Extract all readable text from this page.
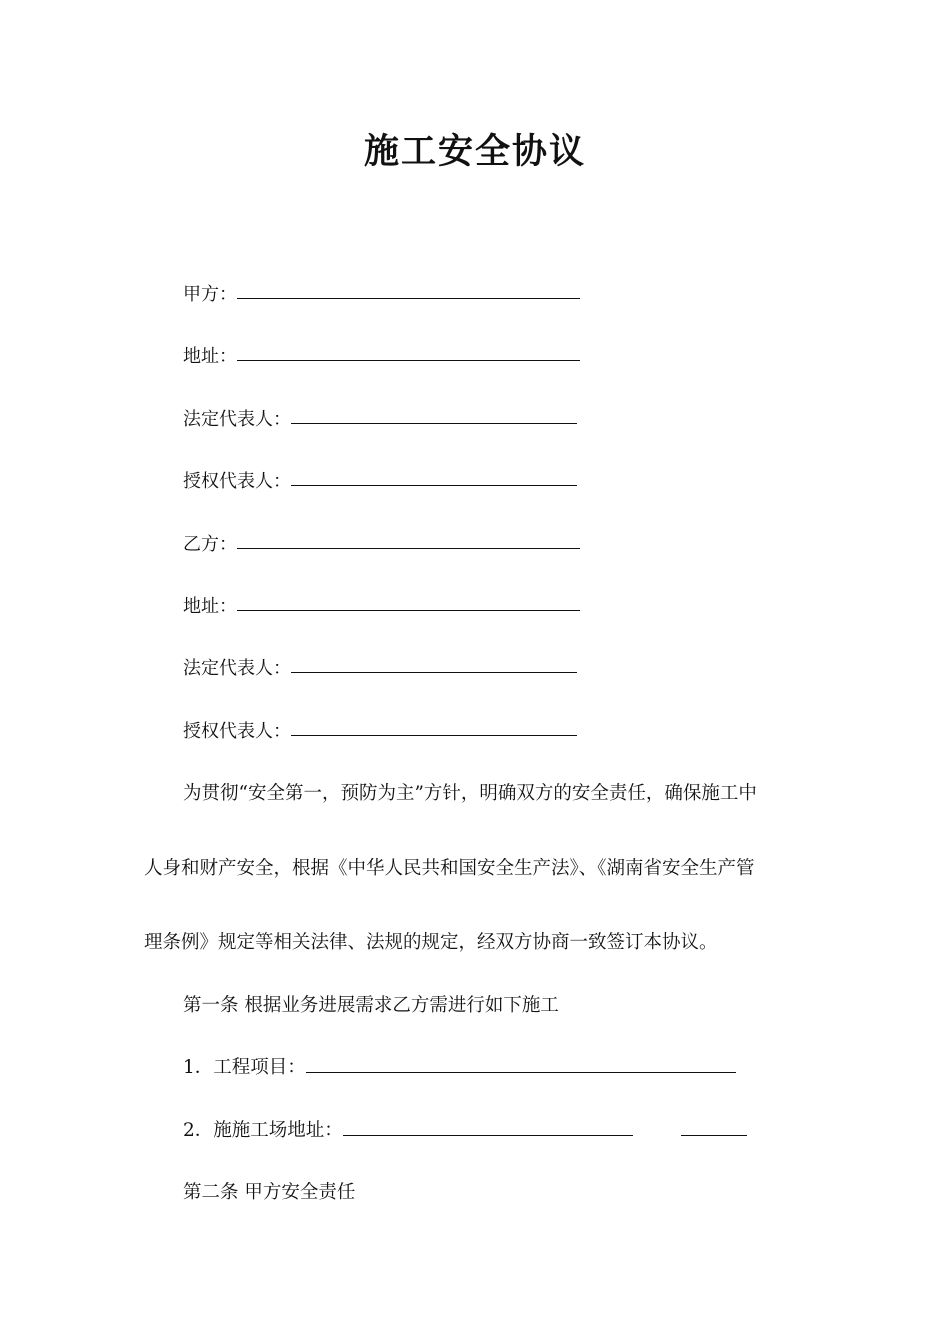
施工安全协议
甲方：
地址：
法定代表人：
授权代表人：
乙方：
地址：
法定代表人：
授权代表人：
为贯彻“安全第一，预防为主”方针，明确双方的安全责任，确保施工中
人身和财产安全，根据《中华人民共和国安全生产法》、《湖南省安全生产管
理条例》规定等相关法律、法规的规定，经双方协商一致签订本协议。
第一条 根据业务进展需求乙方需进行如下施工
1．工程项目：
2．施施工场地址：
第二条 甲方安全责任
